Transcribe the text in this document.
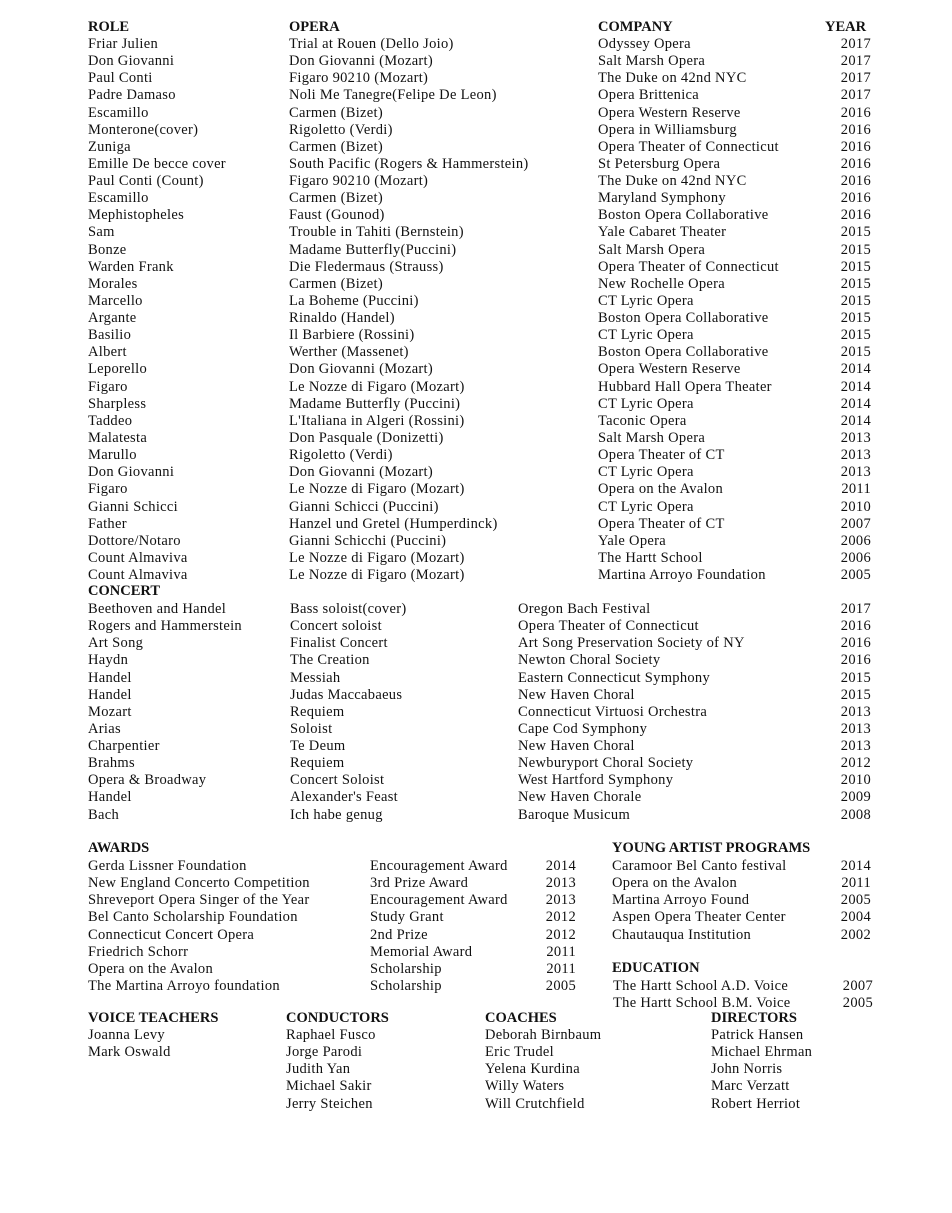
ROLE	OPERA	COMPANY	YEAR
Friar Julien	Trial at Rouen (Dello Joio)	Odyssey Opera	2017
Don Giovanni	Don Giovanni (Mozart)	Salt Marsh Opera	2017
Paul Conti	Figaro 90210 (Mozart)	The Duke on 42nd NYC	2017
Padre Damaso	Noli Me Tanegre(Felipe De Leon)	Opera Brittenica	2017
Escamillo	Carmen (Bizet)	Opera Western Reserve	2016
Monterone(cover)	Rigoletto (Verdi)	Opera in Williamsburg	2016
Zuniga	Carmen (Bizet)	Opera Theater of Connecticut	2016
Emille De becce cover	South Pacific (Rogers & Hammerstein)	St Petersburg Opera	2016
Paul Conti (Count)	Figaro 90210 (Mozart)	The Duke on 42nd NYC	2016
Escamillo	Carmen (Bizet)	Maryland Symphony	2016
Mephistopheles	Faust (Gounod)	Boston Opera Collaborative	2016
Sam	Trouble in Tahiti (Bernstein)	Yale Cabaret Theater	2015
Bonze	Madame Butterfly(Puccini)	Salt Marsh Opera	2015
Warden Frank	Die Fledermaus (Strauss)	Opera Theater of Connecticut	2015
Morales	Carmen (Bizet)	New Rochelle Opera	2015
Marcello	La Boheme (Puccini)	CT Lyric Opera	2015
Argante	Rinaldo (Handel)	Boston Opera Collaborative	2015
Basilio	Il Barbiere (Rossini)	CT Lyric Opera	2015
Albert	Werther (Massenet)	Boston Opera Collaborative	2015
Leporello	Don Giovanni (Mozart)	Opera Western Reserve	2014
Figaro	Le Nozze di Figaro (Mozart)	Hubbard Hall Opera Theater	2014
Sharpless	Madame Butterfly (Puccini)	CT Lyric Opera	2014
Taddeo	L'Italiana in Algeri (Rossini)	Taconic Opera	2014
Malatesta	Don Pasquale (Donizetti)	Salt Marsh Opera	2013
Marullo	Rigoletto (Verdi)	Opera Theater of CT	2013
Don Giovanni	Don Giovanni (Mozart)	CT Lyric Opera	2013
Figaro	Le Nozze di Figaro (Mozart)	Opera on the Avalon	2011
Gianni Schicci	Gianni Schicci (Puccini)	CT Lyric Opera	2010
Father	Hanzel und Gretel (Humperdinck)	Opera Theater of CT	2007
Dottore/Notaro	Gianni Schicchi (Puccini)	Yale Opera	2006
Count Almaviva	Le Nozze di Figaro (Mozart)	The Hartt School	2006
Count Almaviva	Le Nozze di Figaro (Mozart)	Martina Arroyo Foundation	2005
CONCERT
Beethoven and Handel	Bass soloist(cover)	Oregon Bach Festival	2017
Rogers and Hammerstein	Concert soloist	Opera Theater of Connecticut	2016
Art Song	Finalist Concert	Art Song Preservation Society of NY	2016
Haydn	The Creation	Newton Choral Society	2016
Handel	Messiah	Eastern Connecticut Symphony	2015
Handel	Judas Maccabaeus	New Haven Choral	2015
Mozart	Requiem	Connecticut Virtuosi Orchestra	2013
Arias	Soloist	Cape Cod Symphony	2013
Charpentier	Te Deum	New Haven Choral	2013
Brahms	Requiem	Newburyport Choral Society	2012
Opera & Broadway	Concert Soloist	West Hartford Symphony	2010
Handel	Alexander's Feast	New Haven Chorale	2009
Bach	Ich habe genug	Baroque Musicum	2008
AWARDS
Gerda Lissner Foundation	Encouragement Award	2014
New England Concerto Competition	3rd Prize Award	2013
Shreveport Opera Singer of the Year	Encouragement Award	2013
Bel Canto Scholarship Foundation	Study Grant	2012
Connecticut Concert Opera	2nd Prize	2012
Friedrich Schorr	Memorial Award	2011
Opera on the Avalon	Scholarship	2011
The Martina Arroyo foundation	Scholarship	2005
YOUNG ARTIST PROGRAMS
Caramoor Bel Canto festival	2014
Opera on the Avalon	2011
Martina Arroyo Found	2005
Aspen Opera Theater Center	2004
Chautauqua Institution	2002
EDUCATION
The Hartt School A.D. Voice	2007
The Hartt School B.M. Voice	2005
VOICE TEACHERS
Joanna Levy
Mark Oswald
CONDUCTORS
Raphael Fusco
Jorge Parodi
Judith Yan
Michael Sakir
Jerry Steichen
COACHES
Deborah Birnbaum
Eric Trudel
Yelena Kurdina
Willy Waters
Will Crutchfield
DIRECTORS
Patrick Hansen
Michael Ehrman
John Norris
Marc Verzatt
Robert Herriot
